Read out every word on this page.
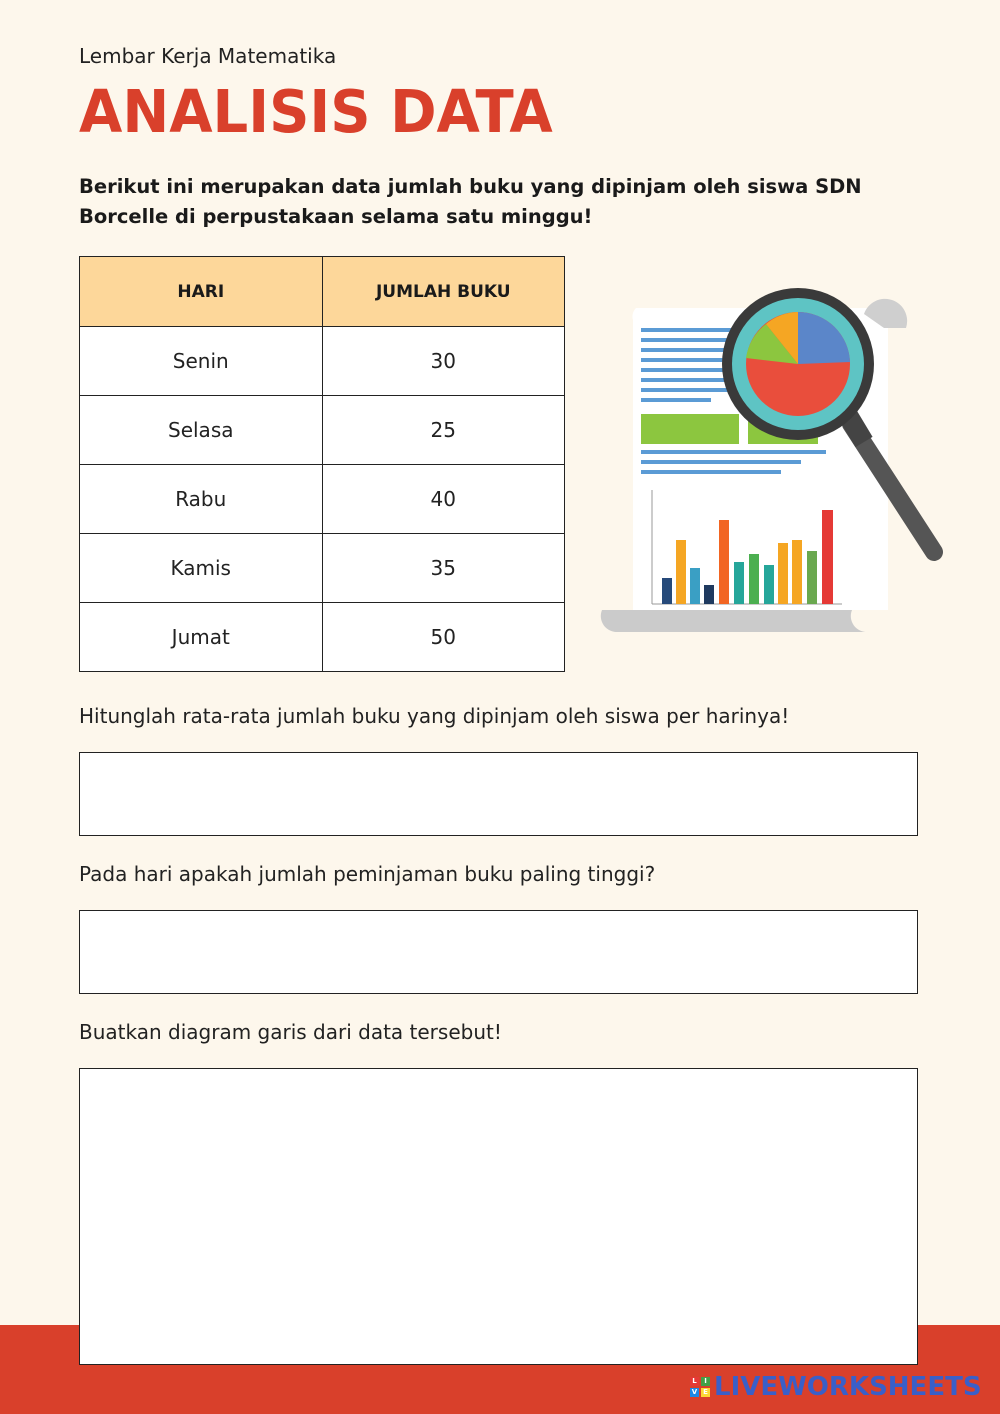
Lembar Kerja Matematika
ANALISIS DATA
Berikut ini merupakan data jumlah buku yang dipinjam oleh siswa SDN Borcelle di perpustakaan selama satu minggu!
HARI	JUMLAH BUKU
Senin	30
Selasa	25
Rabu	40
Kamis	35
Jumat	50
Hitunglah rata-rata jumlah buku yang dipinjam oleh siswa per harinya!
Pada hari apakah jumlah peminjaman buku paling tinggi?
Buatkan diagram garis dari data tersebut!
L	I
V E LIVEWORKSHEETS
